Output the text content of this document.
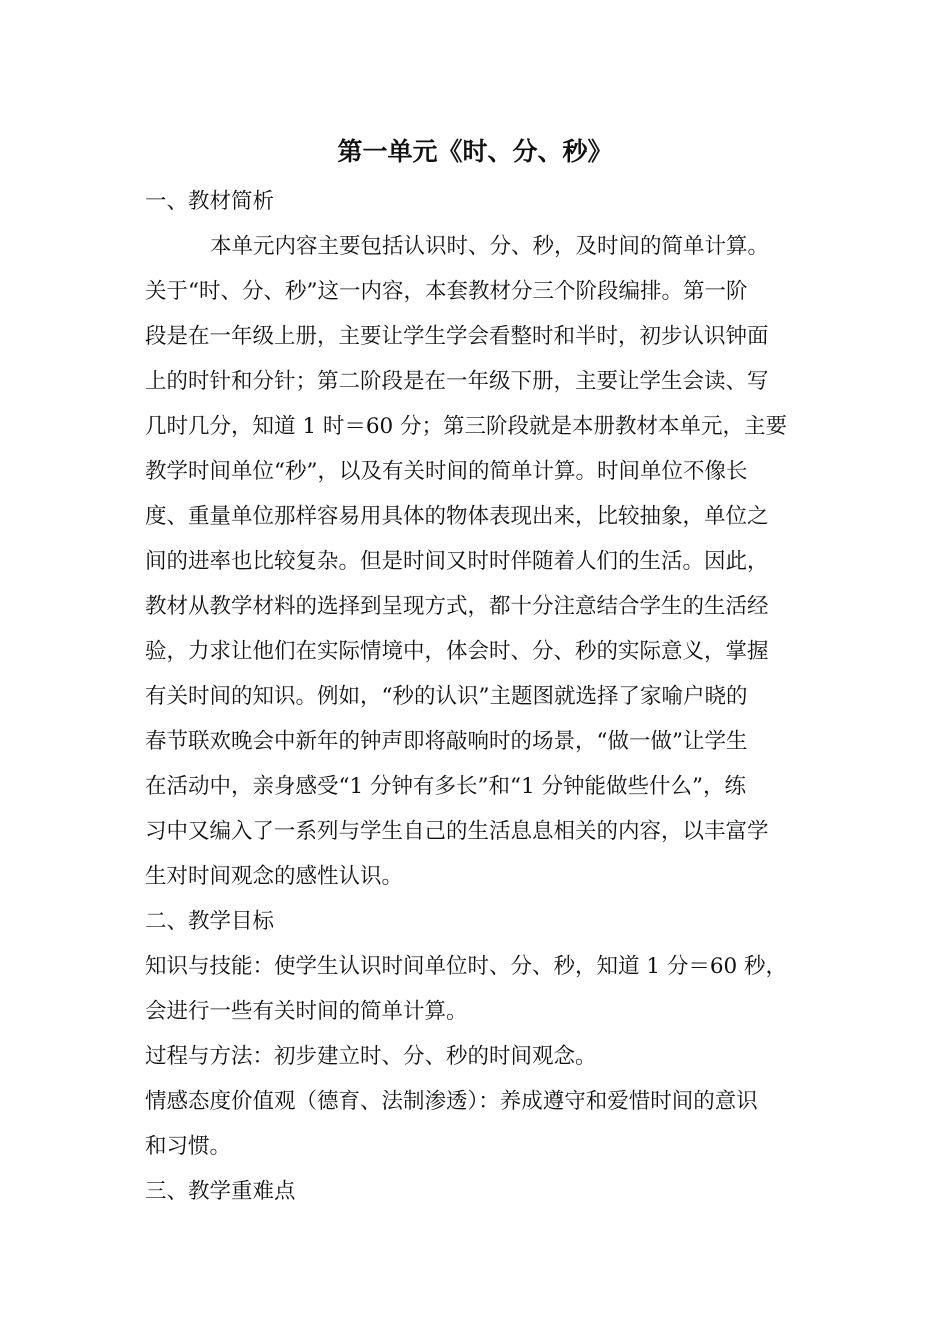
第一单元《时、分、秒》
一、教材简析
本单元内容主要包括认识时、分、秒，及时间的简单计算。
关于“时、分、秒”这一内容，本套教材分三个阶段编排。第一阶
段是在一年级上册，主要让学生学会看整时和半时，初步认识钟面
上的时针和分针；第二阶段是在一年级下册，主要让学生会读、写
几时几分，知道 1 时＝60 分；第三阶段就是本册教材本单元，主要
教学时间单位“秒”，以及有关时间的简单计算。时间单位不像长
度、重量单位那样容易用具体的物体表现出来，比较抽象，单位之
间的进率也比较复杂。但是时间又时时伴随着人们的生活。因此，
教材从教学材料的选择到呈现方式，都十分注意结合学生的生活经
验，力求让他们在实际情境中，体会时、分、秒的实际意义，掌握
有关时间的知识。例如，“秒的认识”主题图就选择了家喻户晓的
春节联欢晚会中新年的钟声即将敲响时的场景，“做一做”让学生
在活动中，亲身感受“1 分钟有多长”和“1 分钟能做些什么”，练
习中又编入了一系列与学生自己的生活息息相关的内容，以丰富学
生对时间观念的感性认识。
二、教学目标
知识与技能：使学生认识时间单位时、分、秒，知道 1 分＝60 秒，
会进行一些有关时间的简单计算。
过程与方法：初步建立时、分、秒的时间观念。
情感态度价值观（德育、法制渗透）：养成遵守和爱惜时间的意识
和习惯。
三、教学重难点
